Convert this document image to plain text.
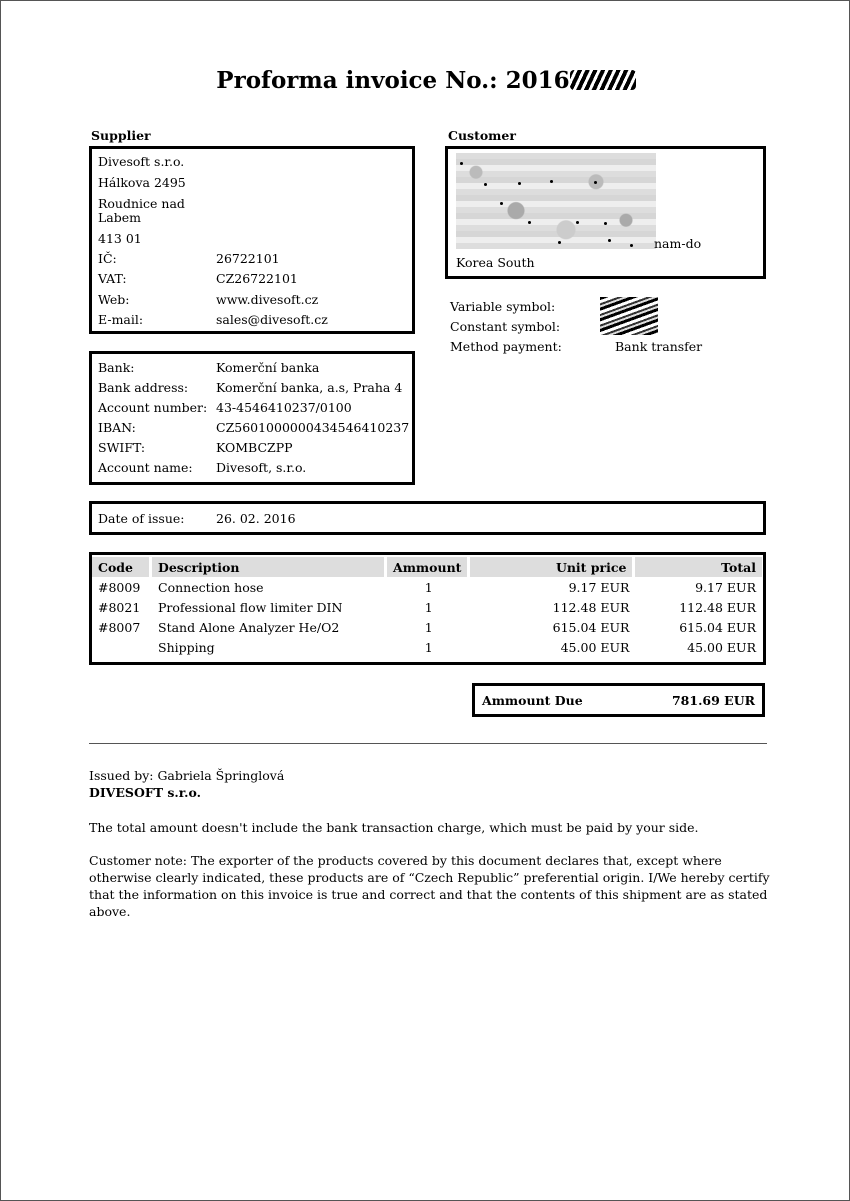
Proforma invoice No.: 2016
Supplier
Divesoft s.r.o.
Hálkova 2495
Roudnice nad Labem
413 01
IČ:	26722101
VAT:	CZ26722101
Web:	www.divesoft.cz
E-mail:	sales@divesoft.cz
Bank:	Komerční banka
Bank address: Komerční banka, a.s, Praha 4
Account number: 43-4546410237/0100
IBAN:	CZ5601000000434546410237
SWIFT:	KOMBCZPP
Account name: Divesoft, s.r.o.
Customer
nam-do
Korea South
Variable symbol:
Constant symbol:
Method payment:	Bank transfer
Date of issue:	26. 02. 2016
Code	Description	Ammount	Unit price	Total
#8009	Connection hose	1	9.17 EUR	9.17 EUR
#8021	Professional flow limiter DIN	1	112.48 EUR	112.48 EUR
#8007	Stand Alone Analyzer He/O2	1	615.04 EUR	615.04 EUR
	Shipping	1	45.00 EUR	45.00 EUR
Ammount Due	781.69 EUR
Issued by: Gabriela Špringlová
DIVESOFT s.r.o.
The total amount doesn't include the bank transaction charge, which must be paid by your side.
Customer note: The exporter of the products covered by this document declares that, except where otherwise clearly indicated, these products are of “Czech Republic” preferential origin. I/We hereby certify that the information on this invoice is true and correct and that the contents of this shipment are as stated above.
